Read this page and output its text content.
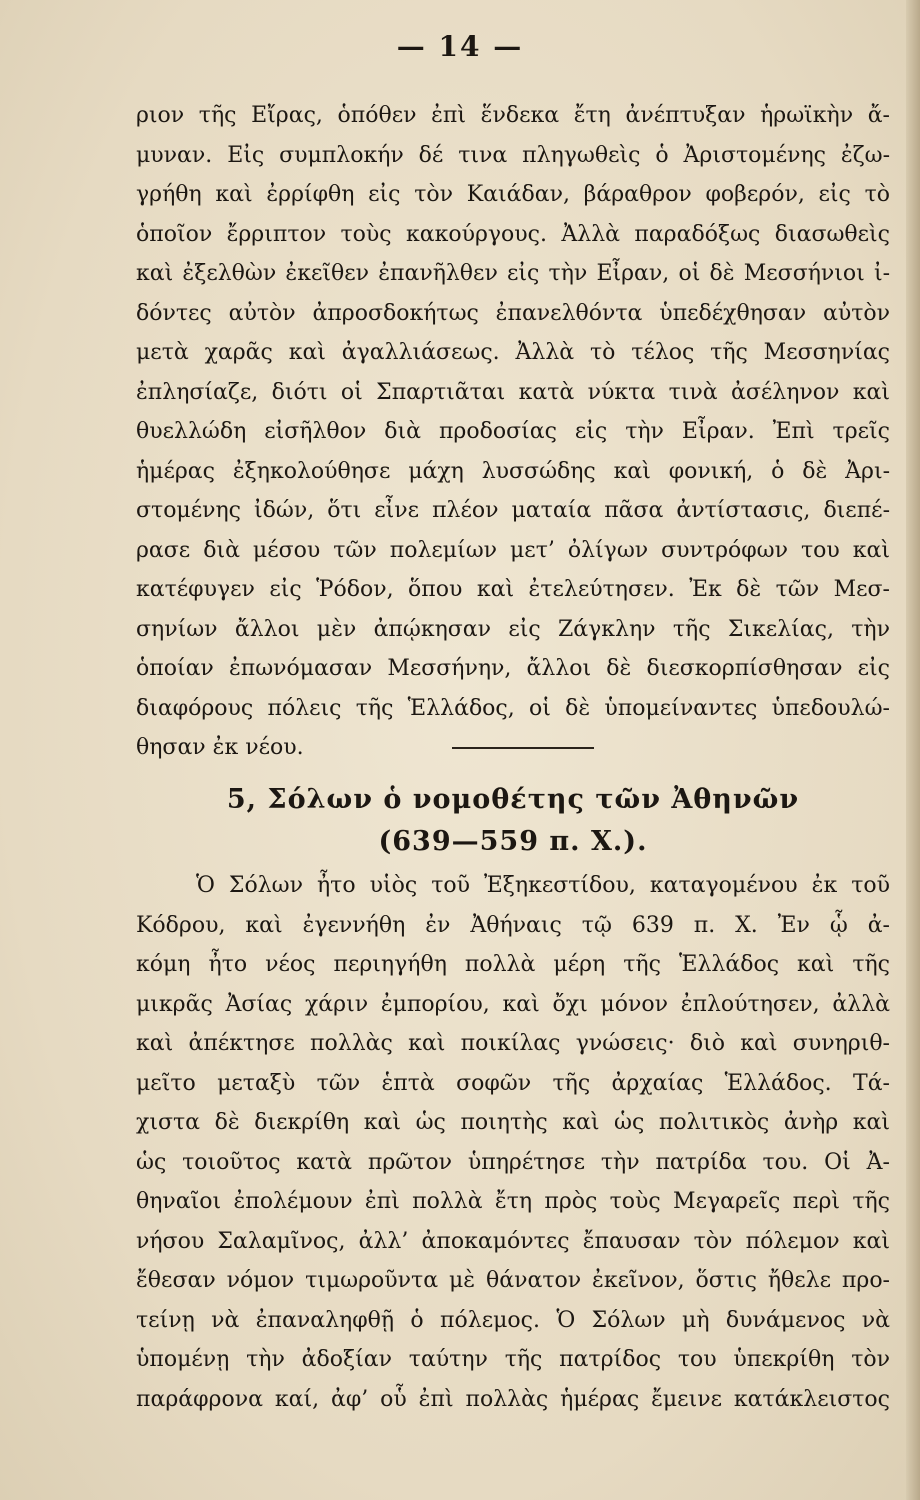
— 14 —
ριον τῆς Εἴρας, ὁπόθεν ἐπὶ ἕνδεκα ἔτη ἀνέπτυξαν ἡρωϊκὴν ἄ-
μυναν. Εἰς συμπλοκήν δέ τινα πληγωθεὶς ὁ Ἀριστομένης ἐζω-
γρήθη καὶ ἐρρίφθη εἰς τὸν Καιάδαν, βάραθρον φοβερόν, εἰς τὸ
ὁποῖον ἔρριπτον τοὺς κακούργους. Ἀλλὰ παραδόξως διασωθεὶς
καὶ ἐξελθὼν ἐκεῖθεν ἐπανῆλθεν εἰς τὴν Εἶραν, οἱ δὲ Μεσσήνιοι ἰ-
δόντες αὐτὸν ἀπροσδοκήτως ἐπανελθόντα ὑπεδέχθησαν αὐτὸν
μετὰ χαρᾶς καὶ ἀγαλλιάσεως. Ἀλλὰ τὸ τέλος τῆς Μεσσηνίας
ἐπλησίαζε, διότι οἱ Σπαρτιᾶται κατὰ νύκτα τινὰ ἀσέληνον καὶ
θυελλώδη εἰσῆλθον διὰ προδοσίας εἰς τὴν Εἶραν. Ἐπὶ τρεῖς
ἡμέρας ἐξηκολούθησε μάχη λυσσώδης καὶ φονική, ὁ δὲ Ἀρι-
στομένης ἰδών, ὅτι εἶνε πλέον ματαία πᾶσα ἀντίστασις, διεπέ-
ρασε διὰ μέσου τῶν πολεμίων μετ’ ὀλίγων συντρόφων του καὶ
κατέφυγεν εἰς Ῥόδον, ὅπου καὶ ἐτελεύτησεν. Ἐκ δὲ τῶν Μεσ-
σηνίων ἄλλοι μὲν ἀπῴκησαν εἰς Ζάγκλην τῆς Σικελίας, τὴν
ὁποίαν ἐπωνόμασαν Μεσσήνην, ἄλλοι δὲ διεσκορπίσθησαν εἰς
διαφόρους πόλεις τῆς Ἑλλάδος, οἱ δὲ ὑπομείναντες ὑπεδουλώ-
θησαν ἐκ νέου.
5, Σόλων ὁ νομοθέτης τῶν Ἀθηνῶν
(639—559 π. Χ.).
Ὁ Σόλων ἦτο υἱὸς τοῦ Ἐξηκεστίδου, καταγομένου ἐκ τοῦ
Κόδρου, καὶ ἐγεννήθη ἐν Ἀθήναις τῷ 639 π. Χ. Ἐν ᾧ ἀ-
κόμη ἦτο νέος περιηγήθη πολλὰ μέρη τῆς Ἑλλάδος καὶ τῆς
μικρᾶς Ἀσίας χάριν ἐμπορίου, καὶ ὄχι μόνον ἐπλούτησεν, ἀλλὰ
καὶ ἀπέκτησε πολλὰς καὶ ποικίλας γνώσεις· διὸ καὶ συνηριθ-
μεῖτο μεταξὺ τῶν ἑπτὰ σοφῶν τῆς ἀρχαίας Ἑλλάδος. Τά-
χιστα δὲ διεκρίθη καὶ ὡς ποιητὴς καὶ ὡς πολιτικὸς ἀνὴρ καὶ
ὡς τοιοῦτος κατὰ πρῶτον ὑπηρέτησε τὴν πατρίδα του. Οἱ Ἀ-
θηναῖοι ἐπολέμουν ἐπὶ πολλὰ ἔτη πρὸς τοὺς Μεγαρεῖς περὶ τῆς
νήσου Σαλαμῖνος, ἀλλ’ ἀποκαμόντες ἔπαυσαν τὸν πόλεμον καὶ
ἔθεσαν νόμον τιμωροῦντα μὲ θάνατον ἐκεῖνον, ὅστις ἤθελε προ-
τείνῃ νὰ ἐπαναληφθῇ ὁ πόλεμος. Ὁ Σόλων μὴ δυνάμενος νὰ
ὑπομένῃ τὴν ἀδοξίαν ταύτην τῆς πατρίδος του ὑπεκρίθη τὸν
παράφρονα καί, ἀφ’ οὗ ἐπὶ πολλὰς ἡμέρας ἔμεινε κατάκλειστος
